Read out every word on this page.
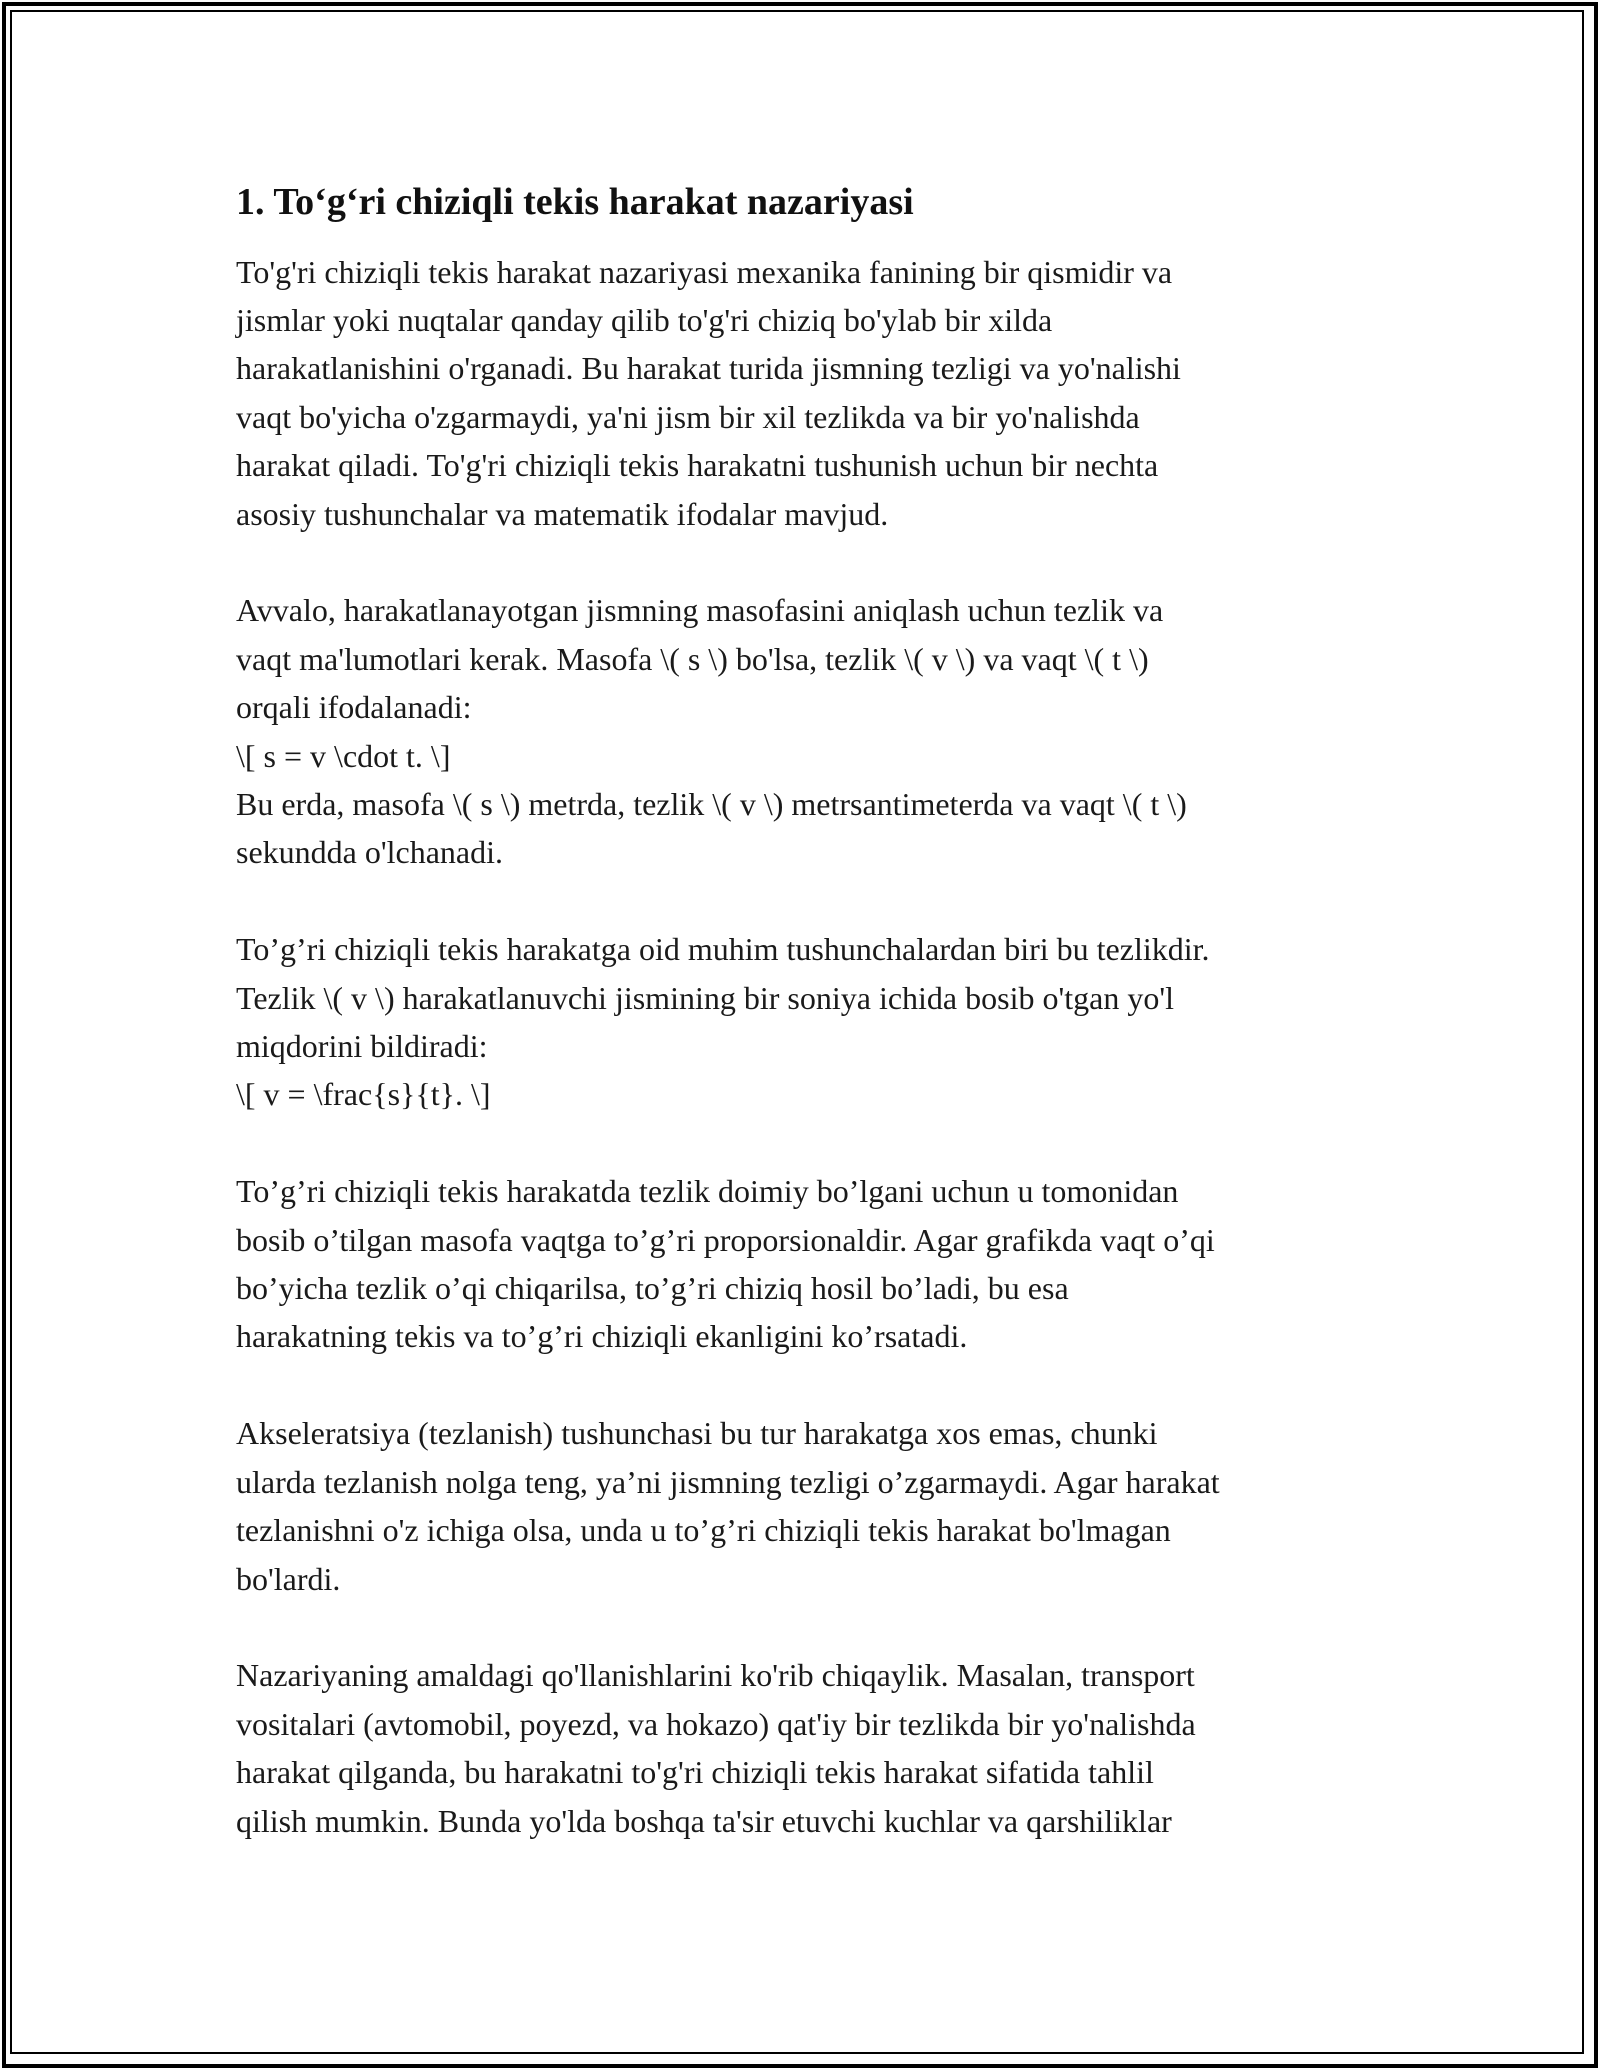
1. To‘g‘ri chiziqli tekis harakat nazariyasi
To'g'ri chiziqli tekis harakat nazariyasi mexanika fanining bir qismidir va
jismlar yoki nuqtalar qanday qilib to'g'ri chiziq bo'ylab bir xilda
harakatlanishini o'rganadi. Bu harakat turida jismning tezligi va yo'nalishi
vaqt bo'yicha o'zgarmaydi, ya'ni jism bir xil tezlikda va bir yo'nalishda
harakat qiladi. To'g'ri chiziqli tekis harakatni tushunish uchun bir nechta
asosiy tushunchalar va matematik ifodalar mavjud.
Avvalo, harakatlanayotgan jismning masofasini aniqlash uchun tezlik va
vaqt ma'lumotlari kerak. Masofa \( s \) bo'lsa, tezlik \( v \) va vaqt \( t \)
orqali ifodalanadi:
\[ s = v \cdot t. \]
Bu erda, masofa \( s \) metrda, tezlik \( v \) metrsantimeterda va vaqt \( t \)
sekundda o'lchanadi.
To’g’ri chiziqli tekis harakatga oid muhim tushunchalardan biri bu tezlikdir.
Tezlik \( v \) harakatlanuvchi jismining bir soniya ichida bosib o'tgan yo'l
miqdorini bildiradi:
\[ v = \frac{s}{t}. \]
To’g’ri chiziqli tekis harakatda tezlik doimiy bo’lgani uchun u tomonidan
bosib o’tilgan masofa vaqtga to’g’ri proporsionaldir. Agar grafikda vaqt o’qi
bo’yicha tezlik o’qi chiqarilsa, to’g’ri chiziq hosil bo’ladi, bu esa
harakatning tekis va to’g’ri chiziqli ekanligini ko’rsatadi.
Akseleratsiya (tezlanish) tushunchasi bu tur harakatga xos emas, chunki
ularda tezlanish nolga teng, ya’ni jismning tezligi o’zgarmaydi. Agar harakat
tezlanishni o'z ichiga olsa, unda u to’g’ri chiziqli tekis harakat bo'lmagan
bo'lardi.
Nazariyaning amaldagi qo'llanishlarini ko'rib chiqaylik. Masalan, transport
vositalari (avtomobil, poyezd, va hokazo) qat'iy bir tezlikda bir yo'nalishda
harakat qilganda, bu harakatni to'g'ri chiziqli tekis harakat sifatida tahlil
qilish mumkin. Bunda yo'lda boshqa ta'sir etuvchi kuchlar va qarshiliklar
